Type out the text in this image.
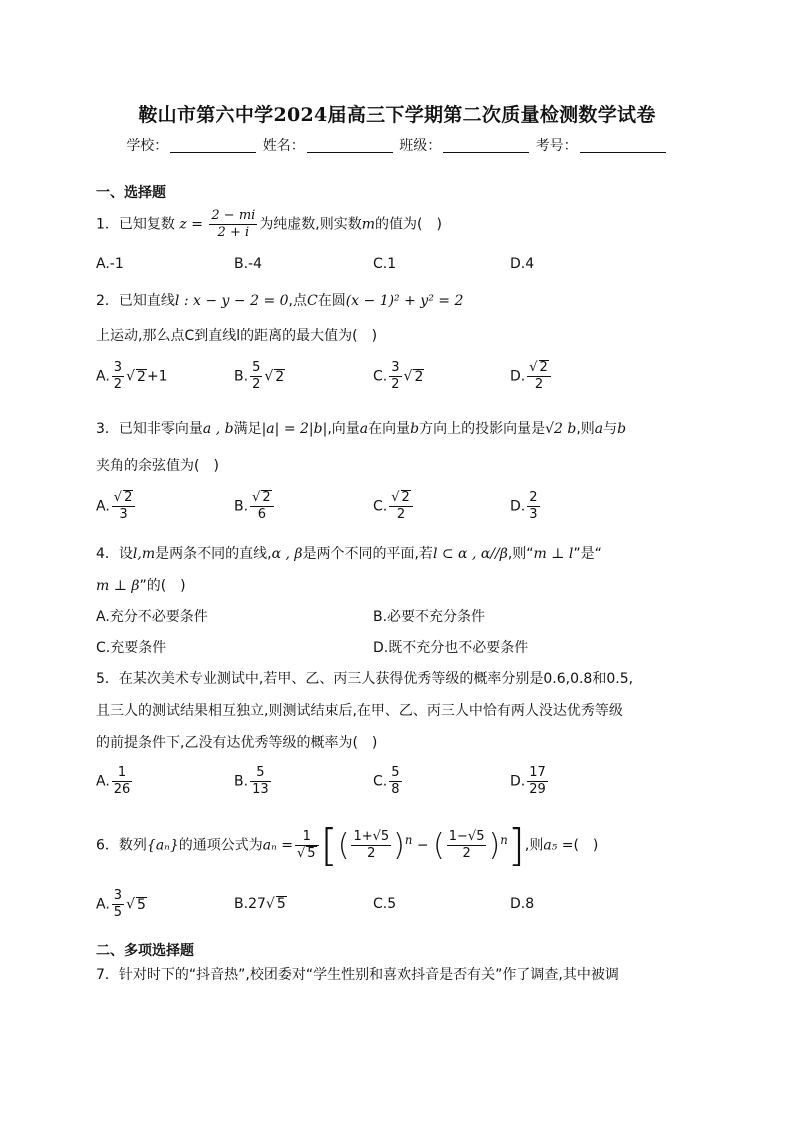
鞍山市第六中学2024届高三下学期第二次质量检测数学试卷
学校：	姓名：	班级：	考号：
一、选择题
1．已知复数 $z = \frac{2 - mi}{2 + i}$ 为纯虚数,则实数m的值为(　)
A.-1	B.-4	C.1	D.4
2．已知直线l : x − y − 2 = 0,点C在圆(x − 1)² + y² = 2
上运动,那么点C到直线l的距离的最大值为(　)
A. $\frac{3}{2}$ √ 2+1	B. $\frac{5}{2}$ √ 2	C. $\frac{3}{2}$ √ 2	D. $\frac{√ 2}{2}$
3．已知非零向量a , b满足|a| = 2|b|,向量a在向量b方向上的投影向量是√2 b,则a与b
夹角的余弦值为(　)
A. $\frac{√ 2}{3}$	B. $\frac{√ 2}{6}$	C. $\frac{√ 2}{2}$	D. $\frac{2}{3}$
4．设l,m是两条不同的直线,α , β是两个不同的平面,若l ⊂ α , α//β,则“m ⊥ l”是“
m ⊥ β”的(　)
A.充分不必要条件	B.必要不充分条件
C.充要条件	D.既不充分也不必要条件
5．在某次美术专业测试中,若甲、乙、丙三人获得优秀等级的概率分别是0.6,0.8和0.5,
且三人的测试结果相互独立,则测试结束后,在甲、乙、丙三人中恰有两人没达优秀等级
的前提条件下,乙没有达优秀等级的概率为(　)
A. $\frac{1}{26}$	B. $\frac{5}{13}$	C. $\frac{5}{8}$	D. $\frac{17}{29}$
6．数列{aₙ}的通项公式为$a_n = \frac{1}{√ 5}$ [( $\frac{1+√5}{2} )^n$ − ( $\frac{1-√5}{2} )^n$],则a₅ =(　)
A. $\frac{3}{5}$ √ 5	B.27√ 5	C.5	D.8
二、多项选择题
7．针对时下的“抖音热”,校团委对“学生性别和喜欢抖音是否有关”作了调查,其中被调
